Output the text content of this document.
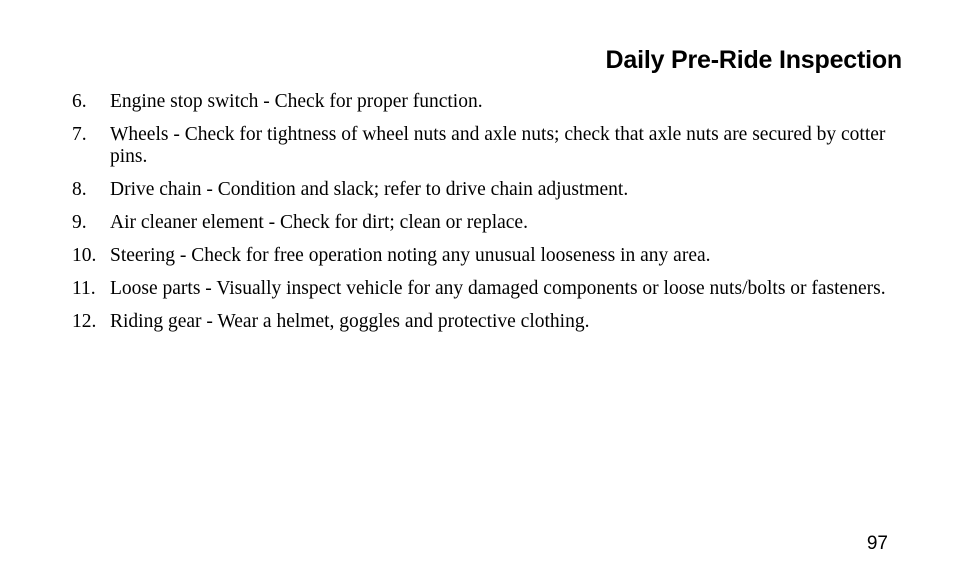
Daily Pre-Ride Inspection
6.	Engine stop switch - Check for proper function.
7.	Wheels - Check for tightness of wheel nuts and axle nuts; check that axle nuts are secured by cotter pins.
8.	Drive chain - Condition and slack; refer to drive chain adjustment.
9.	Air cleaner element - Check for dirt; clean or replace.
10. Steering - Check for free operation noting any unusual looseness in any area.
11. Loose parts - Visually inspect vehicle for any damaged components or loose nuts/bolts or fasteners.
12. Riding gear - Wear a helmet, goggles and protective clothing.
97
